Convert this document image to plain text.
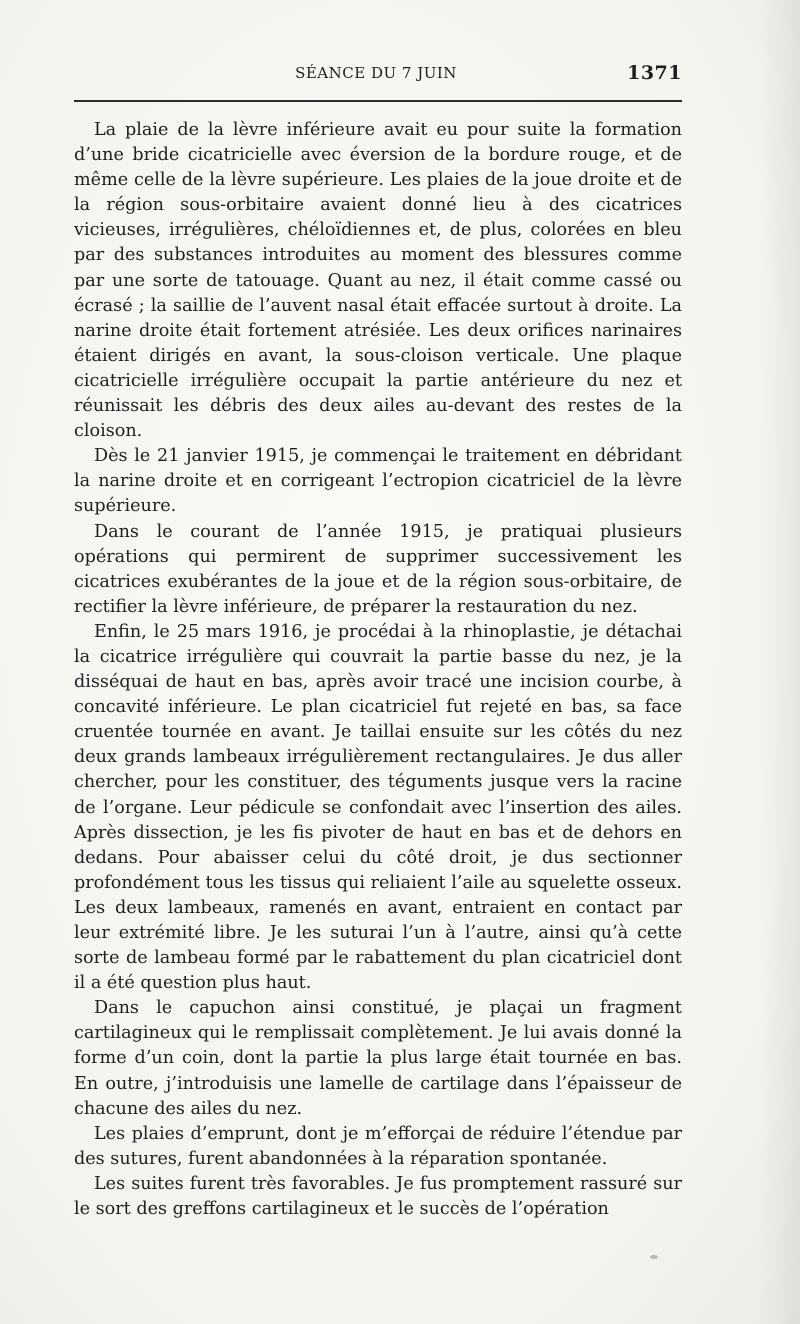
SÉANCE DU 7 JUIN	1371

La plaie de la lèvre inférieure avait eu pour suite la formation d’une bride cicatricielle avec éversion de la bordure rouge, et de même celle de la lèvre supérieure. Les plaies de la joue droite et de la région sous-orbitaire avaient donné lieu à des cicatrices vicieuses, irrégulières, chéloïdiennes et, de plus, colorées en bleu par des substances introduites au moment des blessures comme par une sorte de tatouage. Quant au nez, il était comme cassé ou écrasé ; la saillie de l’auvent nasal était effacée surtout à droite. La narine droite était fortement atrésiée. Les deux orifices narinaires étaient dirigés en avant, la sous-cloison verticale. Une plaque cicatricielle irrégulière occupait la partie antérieure du nez et réunissait les débris des deux ailes au-devant des restes de la cloison.

Dès le 21 janvier 1915, je commençai le traitement en débridant la narine droite et en corrigeant l’ectropion cicatriciel de la lèvre supérieure.

Dans le courant de l’année 1915, je pratiquai plusieurs opérations qui permirent de supprimer successivement les cicatrices exubérantes de la joue et de la région sous-orbitaire, de rectifier la lèvre inférieure, de préparer la restauration du nez.

Enfin, le 25 mars 1916, je procédai à la rhinoplastie, je détachai la cicatrice irrégulière qui couvrait la partie basse du nez, je la disséquai de haut en bas, après avoir tracé une incision courbe, à concavité inférieure. Le plan cicatriciel fut rejeté en bas, sa face cruentée tournée en avant. Je taillai ensuite sur les côtés du nez deux grands lambeaux irrégulièrement rectangulaires. Je dus aller chercher, pour les constituer, des téguments jusque vers la racine de l’organe. Leur pédicule se confondait avec l’insertion des ailes. Après dissection, je les fis pivoter de haut en bas et de dehors en dedans. Pour abaisser celui du côté droit, je dus sectionner profondément tous les tissus qui reliaient l’aile au squelette osseux. Les deux lambeaux, ramenés en avant, entraient en contact par leur extrémité libre. Je les suturai l’un à l’autre, ainsi qu’à cette sorte de lambeau formé par le rabattement du plan cicatriciel dont il a été question plus haut.

Dans le capuchon ainsi constitué, je plaçai un fragment cartilagineux qui le remplissait complètement. Je lui avais donné la forme d’un coin, dont la partie la plus large était tournée en bas. En outre, j’introduisis une lamelle de cartilage dans l’épaisseur de chacune des ailes du nez.

Les plaies d’emprunt, dont je m’efforçai de réduire l’étendue par des sutures, furent abandonnées à la réparation spontanée.

Les suites furent très favorables. Je fus promptement rassuré sur le sort des greffons cartilagineux et le succès de l’opération
